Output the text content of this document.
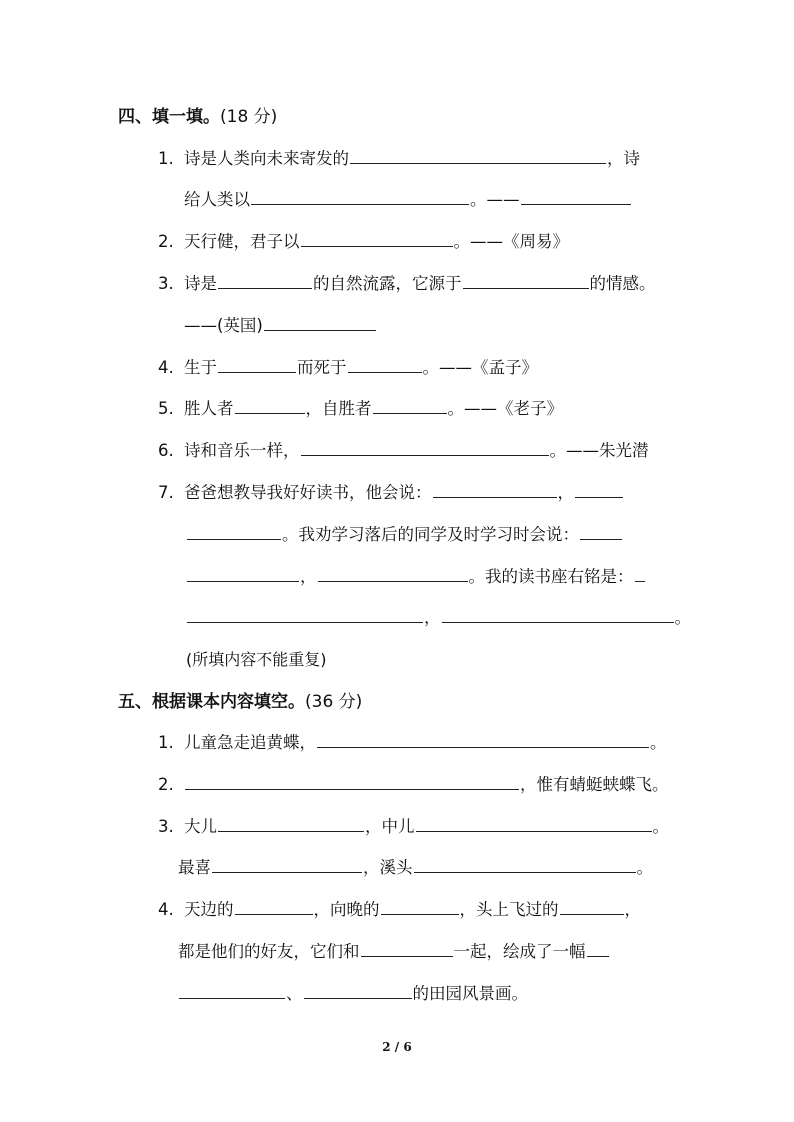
四、填一填。(18 分)
1. 诗是人类向未来寄发的	，诗
给人类以	。——
2. 天行健，君子以	。——《周易》
3. 诗是	的自然流露，它源于	的情感。
——(英国)
4. 生于	而死于	。——《孟子》
5. 胜人者	，自胜者	。——《老子》
6. 诗和音乐一样，	。——朱光潜
7. 爸爸想教导我好好读书，他会说：	，
。我劝学习落后的同学及时学习时会说：
，	。我的读书座右铭是：
，	。
(所填内容不能重复)
五、根据课本内容填空。(36 分)
1. 儿童急走追黄蝶，	。
2.	，惟有蜻蜓蛱蝶飞。
3. 大儿	，中儿	。
最喜	，溪头	。
4. 天边的	，向晚的	，头上飞过的	，
都是他们的好友，它们和	一起，绘成了一幅
、	的田园风景画。
2 / 6
